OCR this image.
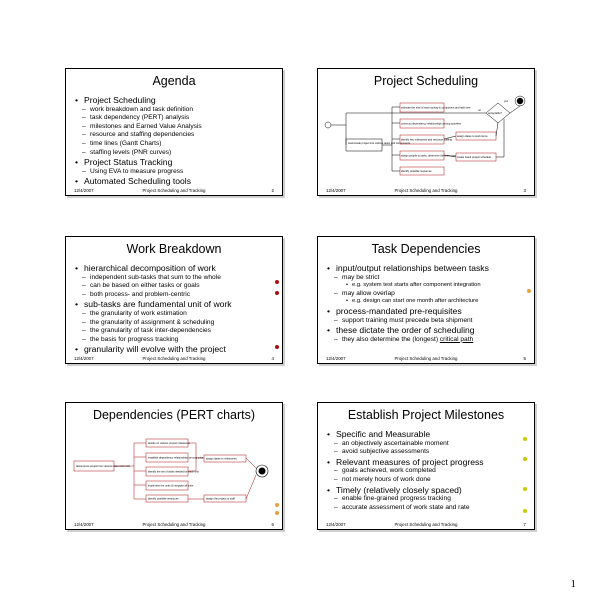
Agenda
• Project Scheduling
– work breakdown and task definition
– task dependency (PERT) analysis
– milestones and Earned Value Analysis
– resource and staffing dependencies
– time lines (Gantt Charts)
– staffing levels (PNR curves)
• Project Status Tracking
– Using EVA to measure progress
• Automated Scheduling tools
12/4/2007	Project Scheduling and Tracking	2
Project Scheduling
work-break project into various tasks and components
estimate the size of each activity & component and task time
construct dependency relationships among activities
identify key milestones and resource staffing
assign people to tasks, determine the team size
identify possible resources
assign dates to work items
create Gantt project schedule
acceptable?
yes
no
12/4/2007	Project Scheduling and Tracking	3
Work Breakdown
• hierarchical decomposition of work
– independent sub-tasks that sum to the whole
– can be based on either tasks or goals
– both process- and problem-centric
• sub-tasks are fundamental unit of work
– the granularity of work estimation
– the granularity of assignment & scheduling
– the granularity of task inter-dependencies
– the basis for progress tracking
• granularity will evolve with the project
12/4/2007	Project Scheduling and Tracking	4
Task Dependencies
• input/output relationships between tasks
– may be strict
• e.g. system test starts after component integration
– may allow overlap
• e.g. design can start one month after architecture
• process-mandated pre-requisites
– support training must precede beta shipment
• these dictate the order of scheduling
– they also determine the (longest) critical path
12/4/2007	Project Scheduling and Tracking	5
Dependencies (PERT charts)
decompose project into various tasks and units
decide on various project milestones
establish dependency relationships among units
identify the set of tasks needed for each unit
implement the units & integrate all units
identify possible resources
assign dates to milestones
assign the project to staff
12/4/2007	Project Scheduling and Tracking	6
Establish Project Milestones
• Specific and Measurable
– an objectively ascertainable moment
– avoid subjective assessments
• Relevant measures of project progress
– goals achieved, work completed
– not merely hours of work done
• Timely (relatively closely spaced)
– enable fine-grained progress tracking
– accurate assessment of work state and rate
12/4/2007	Project Scheduling and Tracking	7
1
